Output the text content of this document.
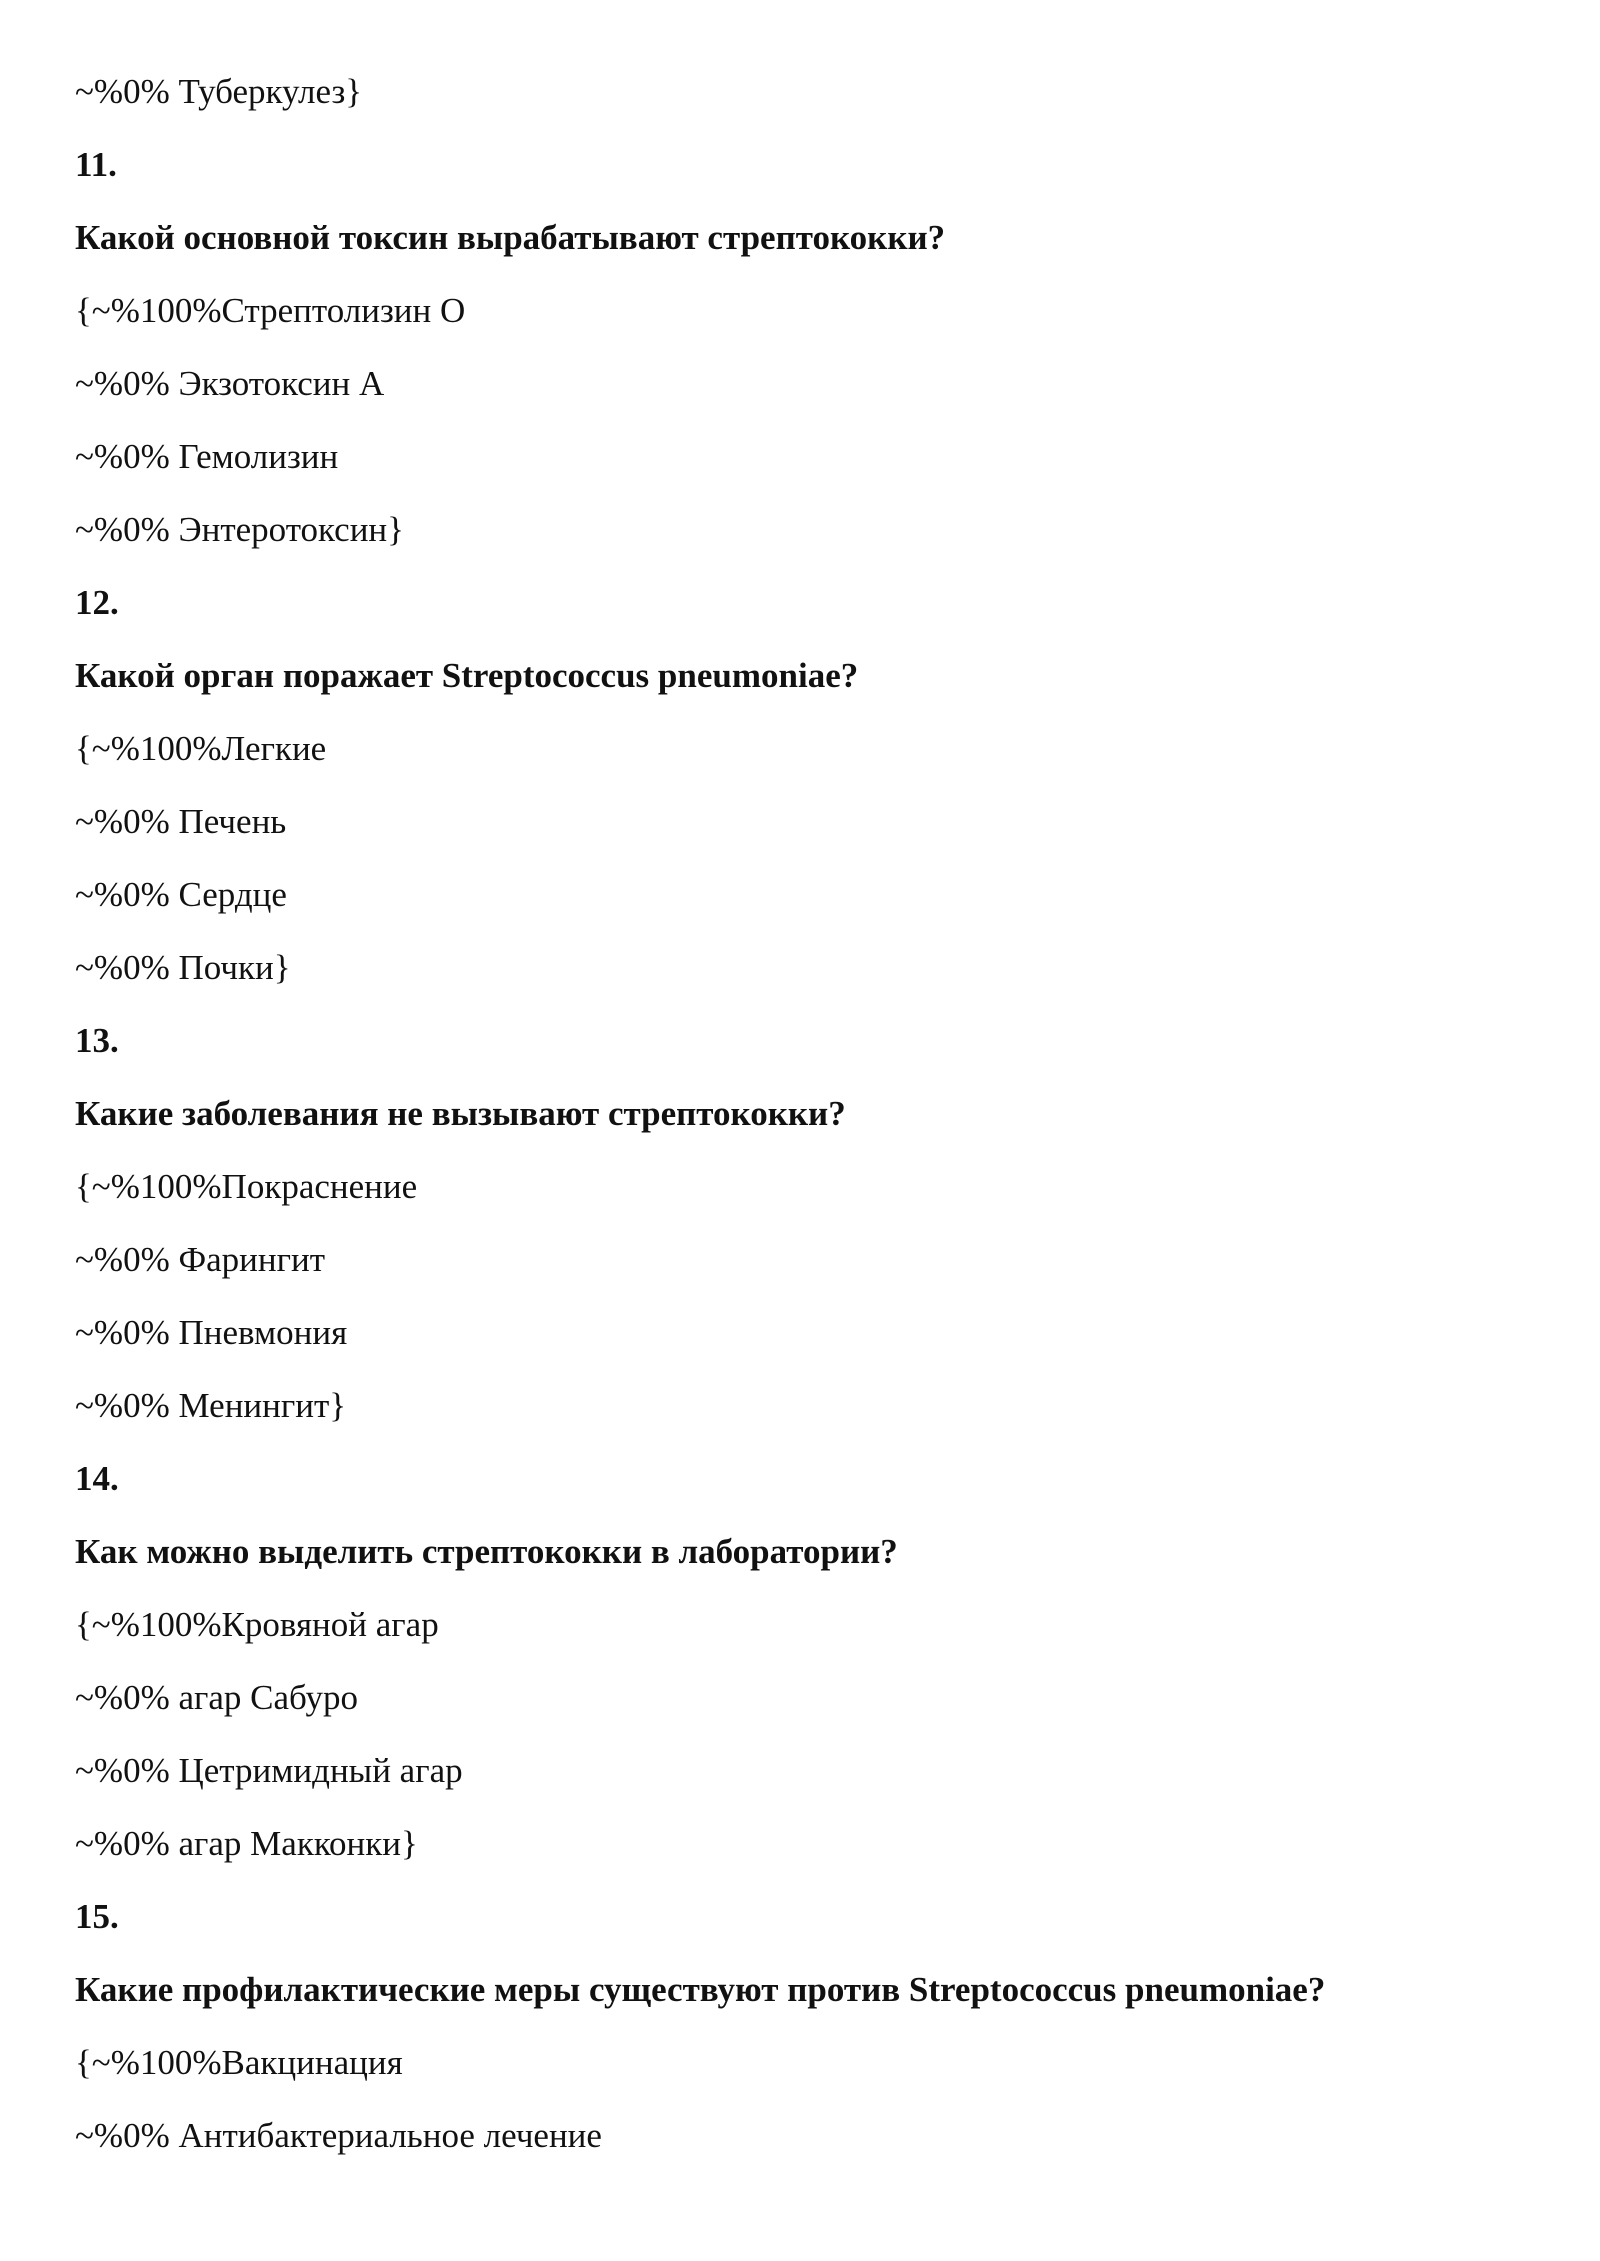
~%0% Туберкулез}

11.

Какой основной токсин вырабатывают стрептококки?

{~%100%Стрептолизин O

~%0% Экзотоксин А

~%0% Гемолизин

~%0% Энтеротоксин}

12.

Какой орган поражает Streptococcus pneumoniae?

{~%100%Легкие

~%0% Печень

~%0% Сердце

~%0% Почки}

13.

Какие заболевания не вызывают стрептококки?

{~%100%Покраснение

~%0% Фарингит

~%0% Пневмония

~%0% Менингит}

14.

Как можно выделить стрептококки в лаборатории?

{~%100%Кровяной агар

~%0% агар Сабуро

~%0% Цетримидный агар

~%0% агар Макконки}

15.

Какие профилактические меры существуют против Streptococcus pneumoniae?

{~%100%Вакцинация

~%0% Антибактериальное лечение
